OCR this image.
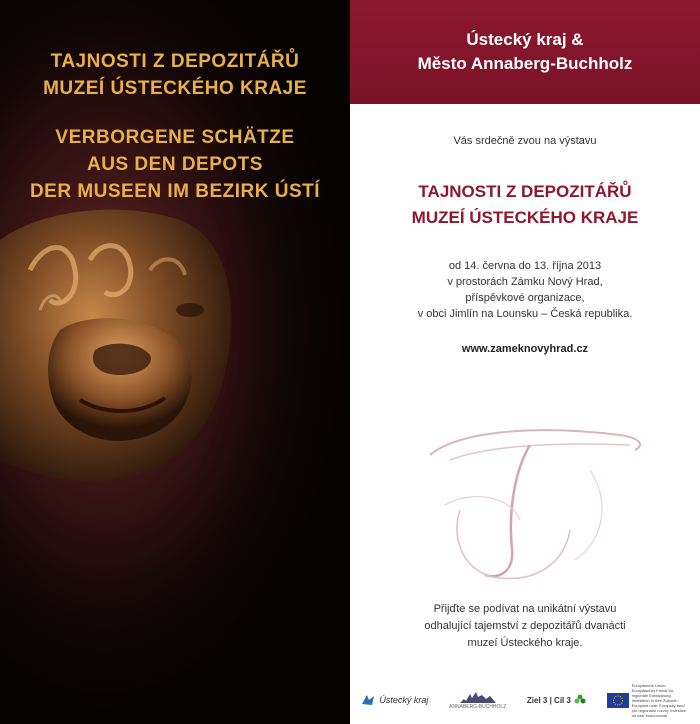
TAJNOSTI Z DEPOZITÁŘŮ
MUZEÍ ÚSTECKÉHO KRAJE
VERBORGENE SCHÄTZE
AUS DEN DEPOTS
DER MUSEEN IM BEZIRK ÚSTÍ
Ústecký kraj &
Město Annaberg-Buchholz
Vás srdečně zvou na výstavu
TAJNOSTI Z DEPOZITÁŘŮ
MUZEÍ ÚSTECKÉHO KRAJE
od 14. června do 13. října 2013
v prostorách Zámku Nový Hrad,
příspěvkové organizace,
v obci Jimlín na Lounsku – Česká republika.
www.zameknovyhrad.cz
Přijďte se podívat na unikátní výstavu
odhalující tajemství z depozitářů dvanácti
muzeí Ústeckého kraje.
Ústecký kraj
ANNABERG-BUCHHOLZ
Ziel 3 | Cíl 3
Europäische Union. Europäischer Fonds für regionale Entwicklung: Investition in Ihre Zukunft / Evropská unie: Evropský fond pro regionální rozvoj: Investice do vaší budoucnosti
